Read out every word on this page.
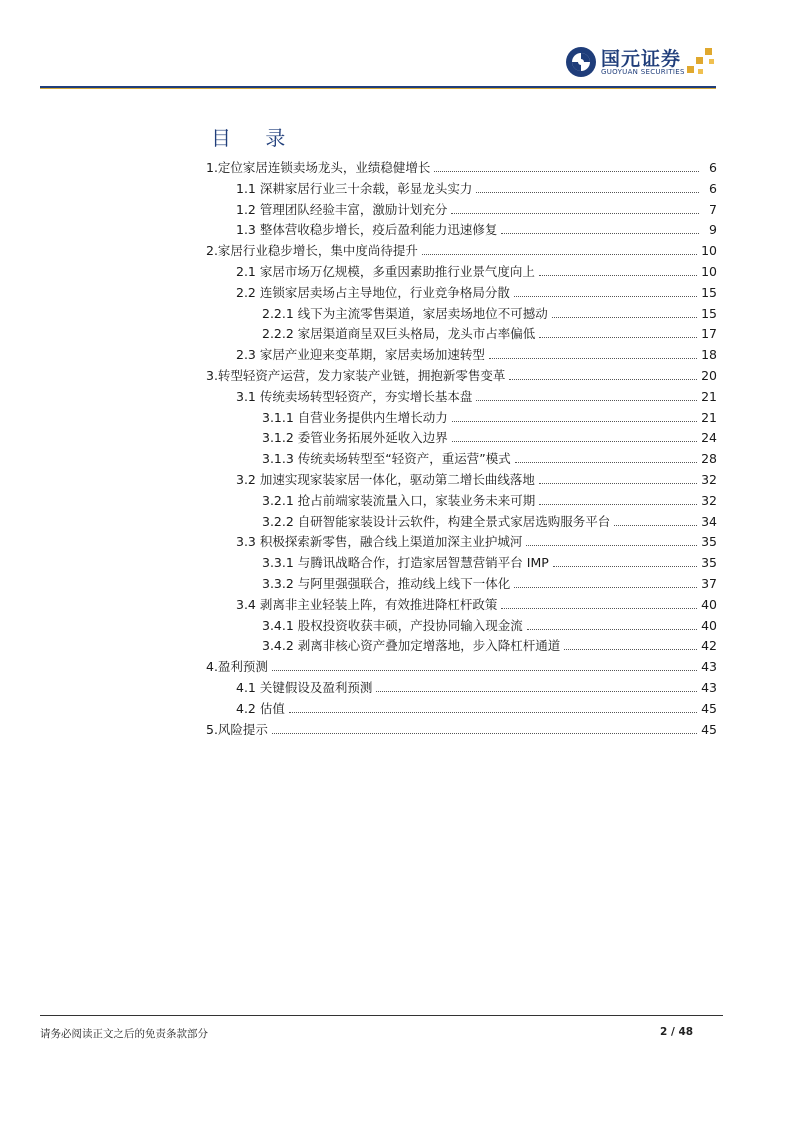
国元证券
GUOYUAN SECURITIES
目 录
1.定位家居连锁卖场龙头，业绩稳健增长	6
1.1 深耕家居行业三十余载，彰显龙头实力	6
1.2 管理团队经验丰富，激励计划充分	7
1.3 整体营收稳步增长，疫后盈利能力迅速修复	9
2.家居行业稳步增长，集中度尚待提升	10
2.1 家居市场万亿规模，多重因素助推行业景气度向上	10
2.2 连锁家居卖场占主导地位，行业竞争格局分散	15
2.2.1 线下为主流零售渠道，家居卖场地位不可撼动	15
2.2.2 家居渠道商呈双巨头格局，龙头市占率偏低	17
2.3 家居产业迎来变革期，家居卖场加速转型	18
3.转型轻资产运营，发力家装产业链，拥抱新零售变革	20
3.1 传统卖场转型轻资产，夯实增长基本盘	21
3.1.1 自营业务提供内生增长动力	21
3.1.2 委管业务拓展外延收入边界	24
3.1.3 传统卖场转型至“轻资产，重运营”模式	28
3.2 加速实现家装家居一体化，驱动第二增长曲线落地	32
3.2.1 抢占前端家装流量入口，家装业务未来可期	32
3.2.2 自研智能家装设计云软件，构建全景式家居选购服务平台	34
3.3 积极探索新零售，融合线上渠道加深主业护城河	35
3.3.1 与腾讯战略合作，打造家居智慧营销平台 IMP	35
3.3.2 与阿里强强联合，推动线上线下一体化	37
3.4 剥离非主业轻装上阵，有效推进降杠杆政策	40
3.4.1 股权投资收获丰硕，产投协同输入现金流	40
3.4.2 剥离非核心资产叠加定增落地，步入降杠杆通道	42
4.盈利预测	43
4.1 关键假设及盈利预测	43
4.2 估值	45
5.风险提示	45
请务必阅读正文之后的免责条款部分	2 / 48
